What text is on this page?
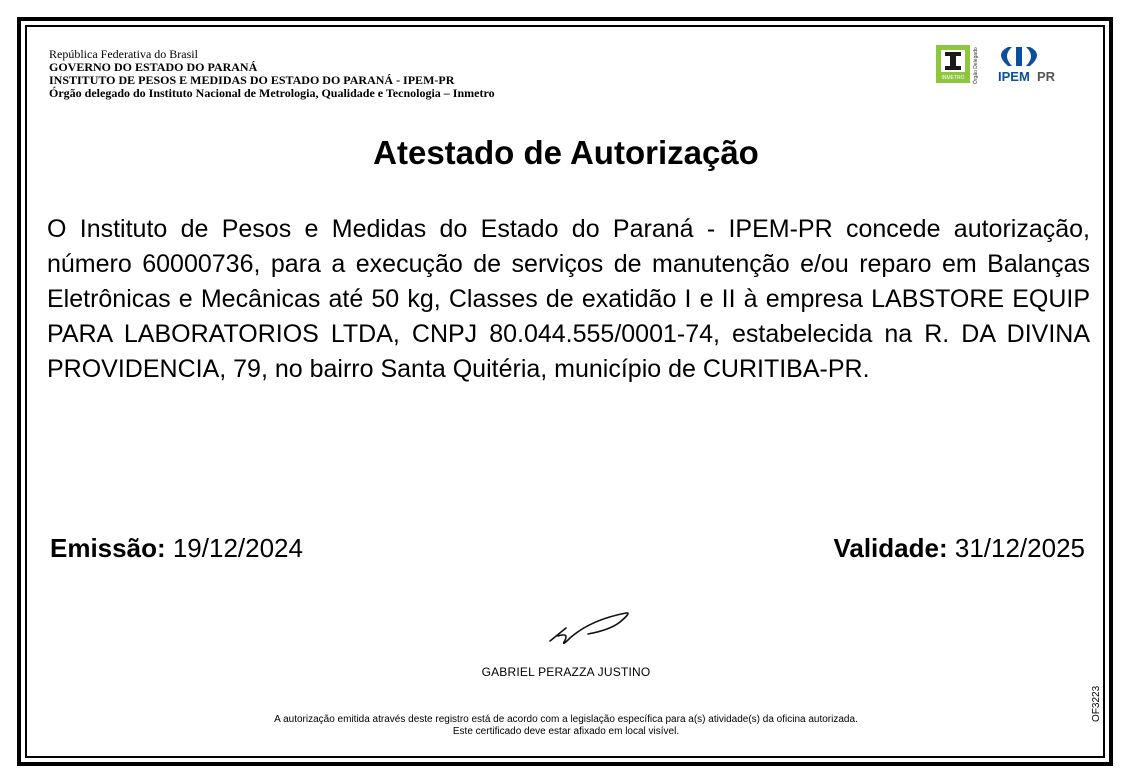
República Federativa do Brasil
GOVERNO DO ESTADO DO PARANÁ
INSTITUTO DE PESOS E MEDIDAS DO ESTADO DO PARANÁ - IPEM-PR
Órgão delegado do Instituto Nacional de Metrologia, Qualidade e Tecnologia – Inmetro
INMETRO Órgão Delegado IPEM PR
Atestado de Autorização
O Instituto de Pesos e Medidas do Estado do Paraná - IPEM-PR concede autorização, número 60000736, para a execução de serviços de manutenção e/ou reparo em Balanças Eletrônicas e Mecânicas até 50 kg, Classes de exatidão I e II à empresa LABSTORE EQUIP PARA LABORATORIOS LTDA, CNPJ 80.044.555/0001-74, estabelecida na R. DA DIVINA PROVIDENCIA, 79, no bairro Santa Quitéria, município de CURITIBA-PR.
Emissão: 19/12/2024	Validade: 31/12/2025
GABRIEL PERAZZA JUSTINO
A autorização emitida através deste registro está de acordo com a legislação específica para a(s) atividade(s) da oficina autorizada.
Este certificado deve estar afixado em local visível.
OF3223
